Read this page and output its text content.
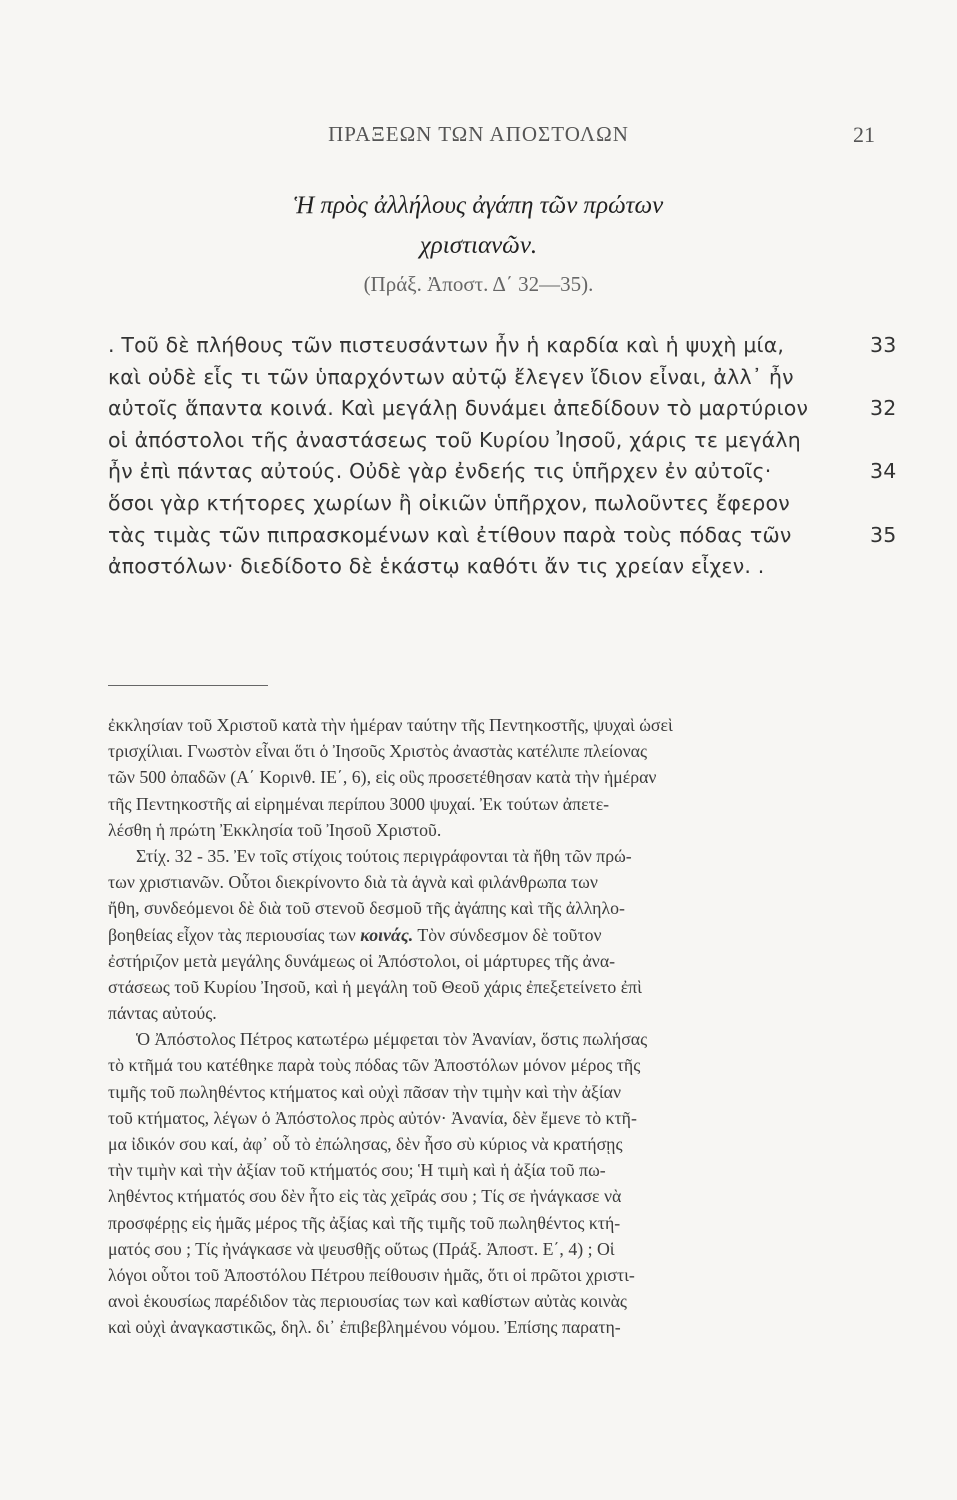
ΠΡΑΞΕΩΝ ΤΩΝ ΑΠΟΣΤΟΛΩΝ	21
Ἡ πρὸς ἀλλήλους ἀγάπη τῶν πρώτων
χριστιανῶν.
(Πράξ. Ἀποστ. Δ΄ 32—35).
. Τοῦ δὲ πλήθους τῶν πιστευσάντων ἦν ἡ καρδία καὶ ἡ ψυχὴ μία,	33
καὶ οὐδὲ εἷς τι τῶν ὑπαρχόντων αὐτῷ ἔλεγεν ἴδιον εἶναι, ἀλλ᾽ ἦν
αὐτοῖς ἅπαντα κοινά. Καὶ μεγάλῃ δυνάμει ἀπεδίδουν τὸ μαρτύριον	32
οἱ ἀπόστολοι τῆς ἀναστάσεως τοῦ Κυρίου Ἰησοῦ, χάρις τε μεγάλη
ἦν ἐπὶ πάντας αὐτούς. Οὐδὲ γὰρ ἐνδεής τις ὑπῆρχεν ἐν αὐτοῖς·	34
ὅσοι γὰρ κτήτορες χωρίων ἢ οἰκιῶν ὑπῆρχον, πωλοῦντες ἔφερον
τὰς τιμὰς τῶν πιπρασκομένων καὶ ἐτίθουν παρὰ τοὺς πόδας τῶν	35
ἀποστόλων· διεδίδοτο δὲ ἑκάστῳ καθότι ἄν τις χρείαν εἶχεν. .
ἐκκλησίαν τοῦ Χριστοῦ κατὰ τὴν ἡμέραν ταύτην τῆς Πεντηκοστῆς, ψυχαὶ ὡσεὶ
τρισχίλιαι. Γνωστὸν εἶναι ὅτι ὁ Ἰησοῦς Χριστὸς ἀναστὰς κατέλιπε πλείονας
τῶν 500 ὀπαδῶν (Α΄ Κορινθ. ΙΕ΄, 6), εἰς οὓς προσετέθησαν κατὰ τὴν ἡμέραν
τῆς Πεντηκοστῆς αἱ εἰρημέναι περίπου 3000 ψυχαί. Ἐκ τούτων ἀπετε-
λέσθη ἡ πρώτη Ἐκκλησία τοῦ Ἰησοῦ Χριστοῦ.
Στίχ. 32 - 35. Ἐν τοῖς στίχοις τούτοις περιγράφονται τὰ ἤθη τῶν πρώ-
των χριστιανῶν. Οὗτοι διεκρίνοντο διὰ τὰ ἁγνὰ καὶ φιλάνθρωπα των
ἤθη, συνδεόμενοι δὲ διὰ τοῦ στενοῦ δεσμοῦ τῆς ἀγάπης καὶ τῆς ἀλληλο-
βοηθείας εἶχον τὰς περιουσίας των κοινάς. Τὸν σύνδεσμον δὲ τοῦτον
ἐστήριζον μετὰ μεγάλης δυνάμεως οἱ Ἀπόστολοι, οἱ μάρτυρες τῆς ἀνα-
στάσεως τοῦ Κυρίου Ἰησοῦ, καὶ ἡ μεγάλη τοῦ Θεοῦ χάρις ἐπεξετείνετο ἐπὶ
πάντας αὐτούς.
Ὁ Ἀπόστολος Πέτρος κατωτέρω μέμφεται τὸν Ἀνανίαν, ὅστις πωλήσας
τὸ κτῆμά του κατέθηκε παρὰ τοὺς πόδας τῶν Ἀποστόλων μόνον μέρος τῆς
τιμῆς τοῦ πωληθέντος κτήματος καὶ οὐχὶ πᾶσαν τὴν τιμὴν καὶ τὴν ἀξίαν
τοῦ κτήματος, λέγων ὁ Ἀπόστολος πρὸς αὐτόν· Ἀνανία, δὲν ἔμενε τὸ κτῆ-
μα ἰδικόν σου καί, ἀφ᾽ οὗ τὸ ἐπώλησας, δὲν ἦσο σὺ κύριος νὰ κρατήσῃς
τὴν τιμὴν καὶ τὴν ἀξίαν τοῦ κτήματός σου; Ἡ τιμὴ καὶ ἡ ἀξία τοῦ πω-
ληθέντος κτήματός σου δὲν ἦτο εἰς τὰς χεῖράς σου ; Τίς σε ἠνάγκασε νὰ
προσφέρῃς εἰς ἡμᾶς μέρος τῆς ἀξίας καὶ τῆς τιμῆς τοῦ πωληθέντος κτή-
ματός σου ; Τίς ἠνάγκασε νὰ ψευσθῇς οὕτως (Πράξ. Ἀποστ. Ε΄, 4) ; Οἱ
λόγοι οὗτοι τοῦ Ἀποστόλου Πέτρου πείθουσιν ἡμᾶς, ὅτι οἱ πρῶτοι χριστι-
ανοὶ ἑκουσίως παρέδιδον τὰς περιουσίας των καὶ καθίστων αὐτὰς κοινὰς
καὶ οὐχὶ ἀναγκαστικῶς, δηλ. δι᾽ ἐπιβεβλημένου νόμου. Ἐπίσης παρατη-
